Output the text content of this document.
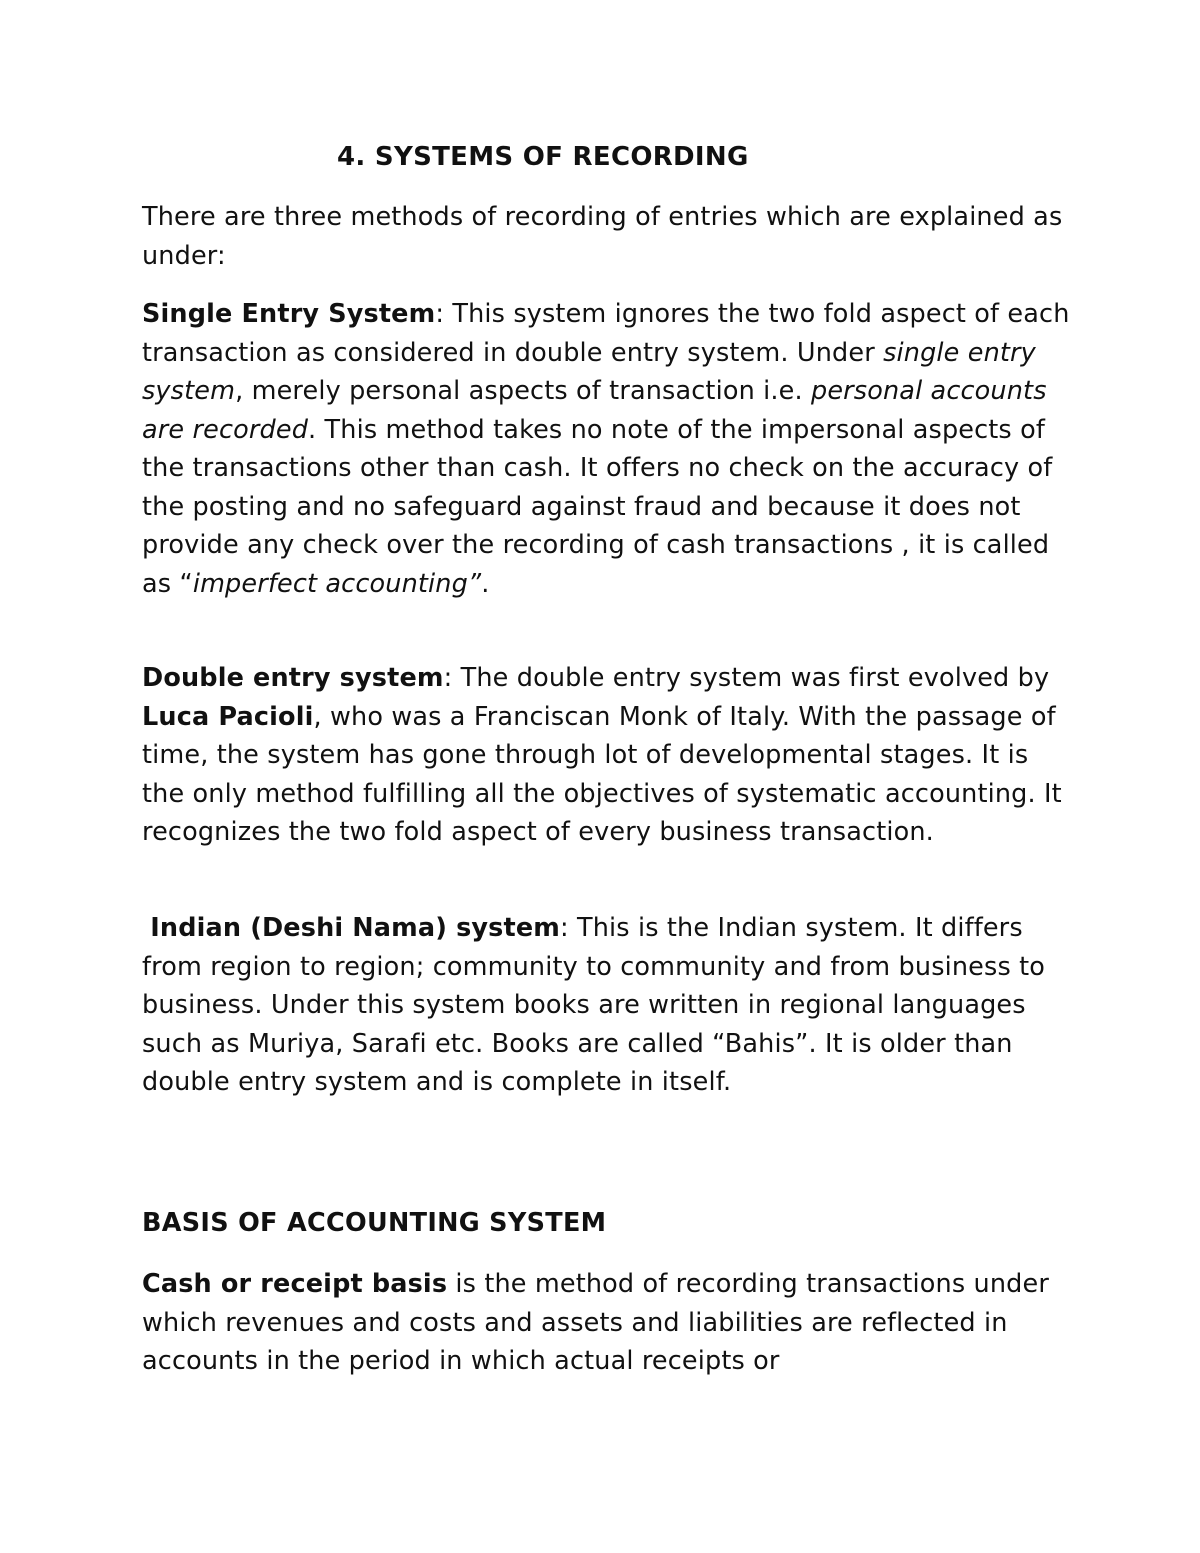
4. SYSTEMS OF RECORDING

There are three methods of recording of entries which are explained as under:

Single Entry System: This system ignores the two fold aspect of each transaction as considered in double entry system. Under single entry system, merely personal aspects of transaction i.e. personal accounts are recorded. This method takes no note of the impersonal aspects of the transactions other than cash. It offers no check on the accuracy of the posting and no safeguard against fraud and because it does not provide any check over the recording of cash transactions , it is called as “imperfect accounting”.

Double entry system: The double entry system was first evolved by Luca Pacioli, who was a Franciscan Monk of Italy. With the passage of time, the system has gone through lot of developmental stages. It is the only method fulfilling all the objectives of systematic accounting. It recognizes the two fold aspect of every business transaction.

Indian (Deshi Nama) system: This is the Indian system. It differs from region to region; community to community and from business to business. Under this system books are written in regional languages such as Muriya, Sarafi etc. Books are called “Bahis”. It is older than double entry system and is complete in itself.

BASIS OF ACCOUNTING SYSTEM

Cash or receipt basis is the method of recording transactions under which revenues and costs and assets and liabilities are reflected in accounts in the period in which actual receipts or
